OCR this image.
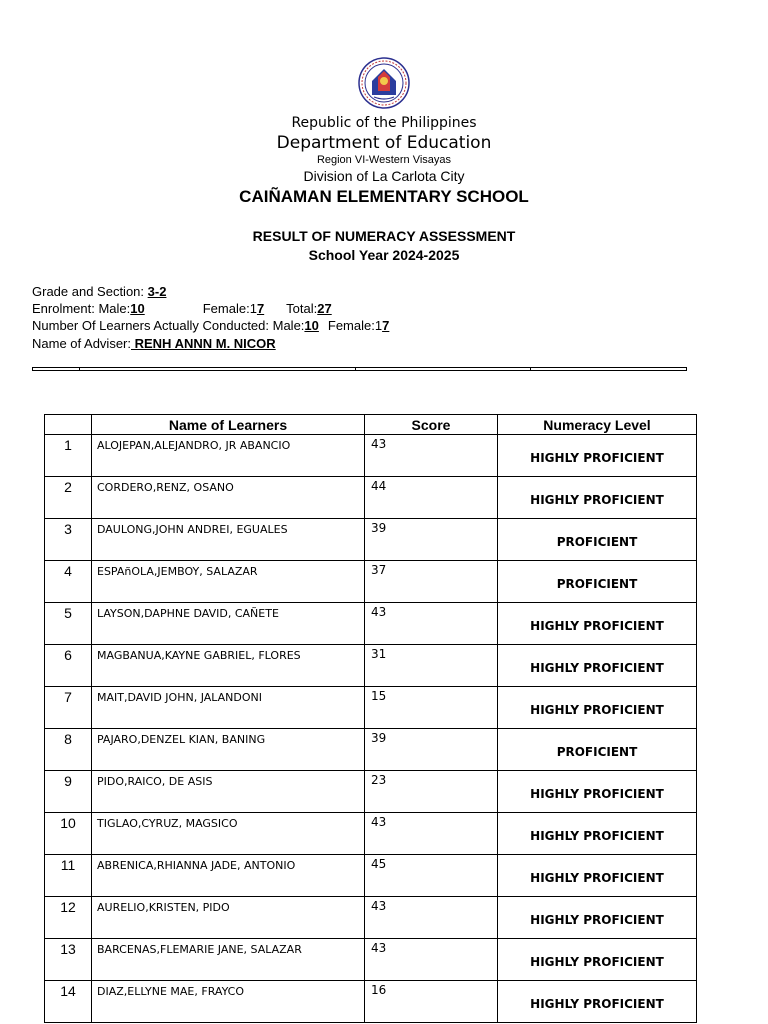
Republic of the Philippines
Department of Education
Region VI-Western Visayas
Division of La Carlota City
CAIÑAMAN ELEMENTARY SCHOOL
RESULT OF NUMERACY ASSESSMENT
School Year 2024-2025
Grade and Section: 3-2
Enrolment: Male:10	Female:17 Total:27
Number Of Learners Actually Conducted: Male:10 Female:17
Name of Adviser: RENH ANNN M. NICOR
	Name of Learners	Score	Numeracy Level
1	ALOJEPAN,ALEJANDRO, JR ABANCIO	43	HIGHLY PROFICIENT
2	CORDERO,RENZ, OSANO	44	HIGHLY PROFICIENT
3	DAULONG,JOHN ANDREI, EGUALES	39	PROFICIENT
4	ESPAñOLA,JEMBOY, SALAZAR	37	PROFICIENT
5	LAYSON,DAPHNE DAVID, CAÑETE	43	HIGHLY PROFICIENT
6	MAGBANUA,KAYNE GABRIEL, FLORES	31	HIGHLY PROFICIENT
7	MAIT,DAVID JOHN, JALANDONI	15	HIGHLY PROFICIENT
8	PAJARO,DENZEL KIAN, BANING	39	PROFICIENT
9	PIDO,RAICO, DE ASIS	23	HIGHLY PROFICIENT
10	TIGLAO,CYRUZ, MAGSICO	43	HIGHLY PROFICIENT
11	ABRENICA,RHIANNA JADE, ANTONIO	45	HIGHLY PROFICIENT
12	AURELIO,KRISTEN, PIDO	43	HIGHLY PROFICIENT
13	BARCENAS,FLEMARIE JANE, SALAZAR	43	HIGHLY PROFICIENT
14	DIAZ,ELLYNE MAE, FRAYCO	16	HIGHLY PROFICIENT
